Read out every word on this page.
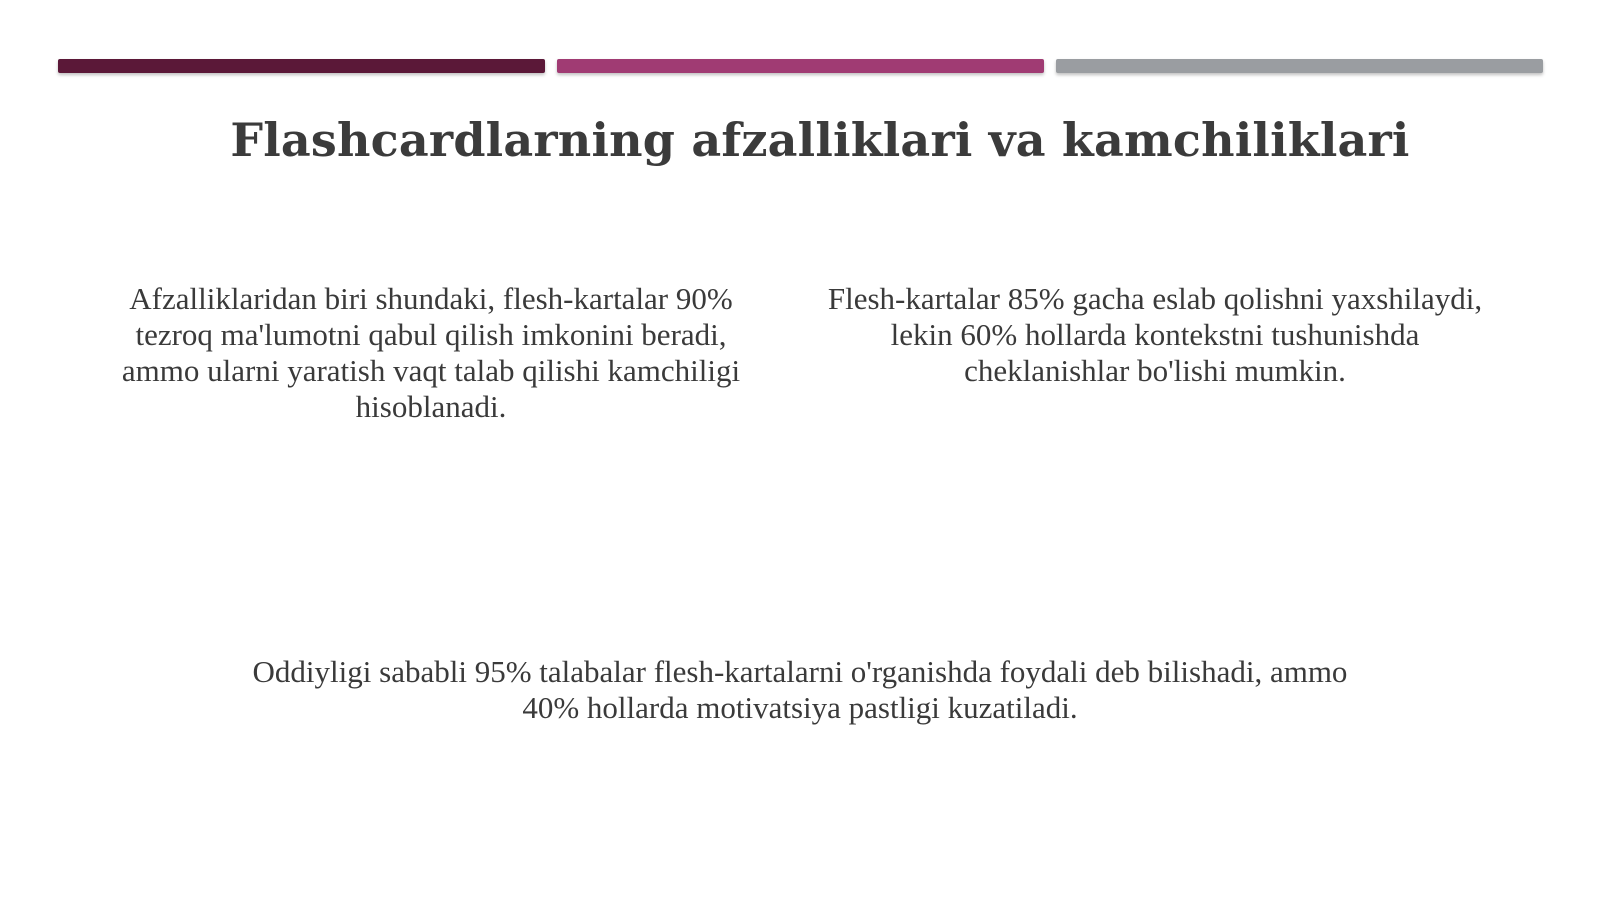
Flashcardlarning afzalliklari va kamchiliklari
Afzalliklaridan biri shundaki, flesh-kartalar 90% tezroq ma'lumotni qabul qilish imkonini beradi, ammo ularni yaratish vaqt talab qilishi kamchiligi hisoblanadi.
Flesh-kartalar 85% gacha eslab qolishni yaxshilaydi, lekin 60% hollarda kontekstni tushunishda cheklanishlar bo'lishi mumkin.
Oddiyligi sababli 95% talabalar flesh-kartalarni o'rganishda foydali deb bilishadi, ammo 40% hollarda motivatsiya pastligi kuzatiladi.
